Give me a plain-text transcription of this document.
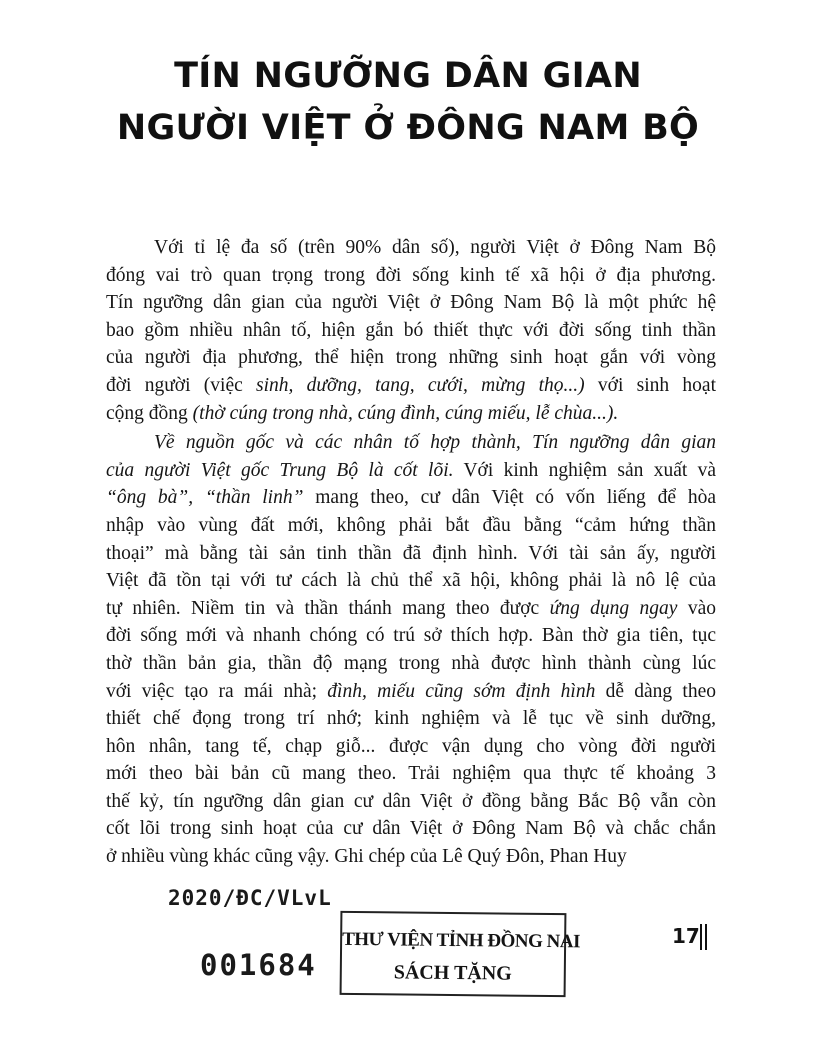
TÍN NGƯỠNG DÂN GIAN
NGƯỜI VIỆT Ở ĐÔNG NAM BỘ
Với tỉ lệ đa số (trên 90% dân số), người Việt ở Đông Nam Bộ
đóng vai trò quan trọng trong đời sống kinh tế xã hội ở địa phương.
Tín ngưỡng dân gian của người Việt ở Đông Nam Bộ là một phức hệ
bao gồm nhiều nhân tố, hiện gắn bó thiết thực với đời sống tinh thần
của người địa phương, thể hiện trong những sinh hoạt gắn với vòng
đời người (việc sinh, dưỡng, tang, cưới, mừng thọ...) với sinh hoạt
cộng đồng (thờ cúng trong nhà, cúng đình, cúng miếu, lễ chùa...).
Về nguồn gốc và các nhân tố hợp thành, Tín ngưỡng dân gian
của người Việt gốc Trung Bộ là cốt lõi. Với kinh nghiệm sản xuất và
“ông bà”, “thần linh” mang theo, cư dân Việt có vốn liếng để hòa
nhập vào vùng đất mới, không phải bắt đầu bằng “cảm hứng thần
thoại” mà bằng tài sản tinh thần đã định hình. Với tài sản ấy, người
Việt đã tồn tại với tư cách là chủ thể xã hội, không phải là nô lệ của
tự nhiên. Niềm tin và thần thánh mang theo được ứng dụng ngay vào
đời sống mới và nhanh chóng có trú sở thích hợp. Bàn thờ gia tiên, tục
thờ thần bản gia, thần độ mạng trong nhà được hình thành cùng lúc
với việc tạo ra mái nhà; đình, miếu cũng sớm định hình dễ dàng theo
thiết chế đọng trong trí nhớ; kinh nghiệm và lễ tục về sinh dưỡng,
hôn nhân, tang tế, chạp giỗ... được vận dụng cho vòng đời người
mới theo bài bản cũ mang theo. Trải nghiệm qua thực tế khoảng 3
thế kỷ, tín ngưỡng dân gian cư dân Việt ở đồng bằng Bắc Bộ vẫn còn
cốt lõi trong sinh hoạt của cư dân Việt ở Đông Nam Bộ và chắc chắn
ở nhiều vùng khác cũng vậy. Ghi chép của Lê Quý Đôn, Phan Huy
2020/ĐC/VLvL
001684
THƯ VIỆN TỈNH ĐỒNG NAI
SÁCH TẶNG
17
